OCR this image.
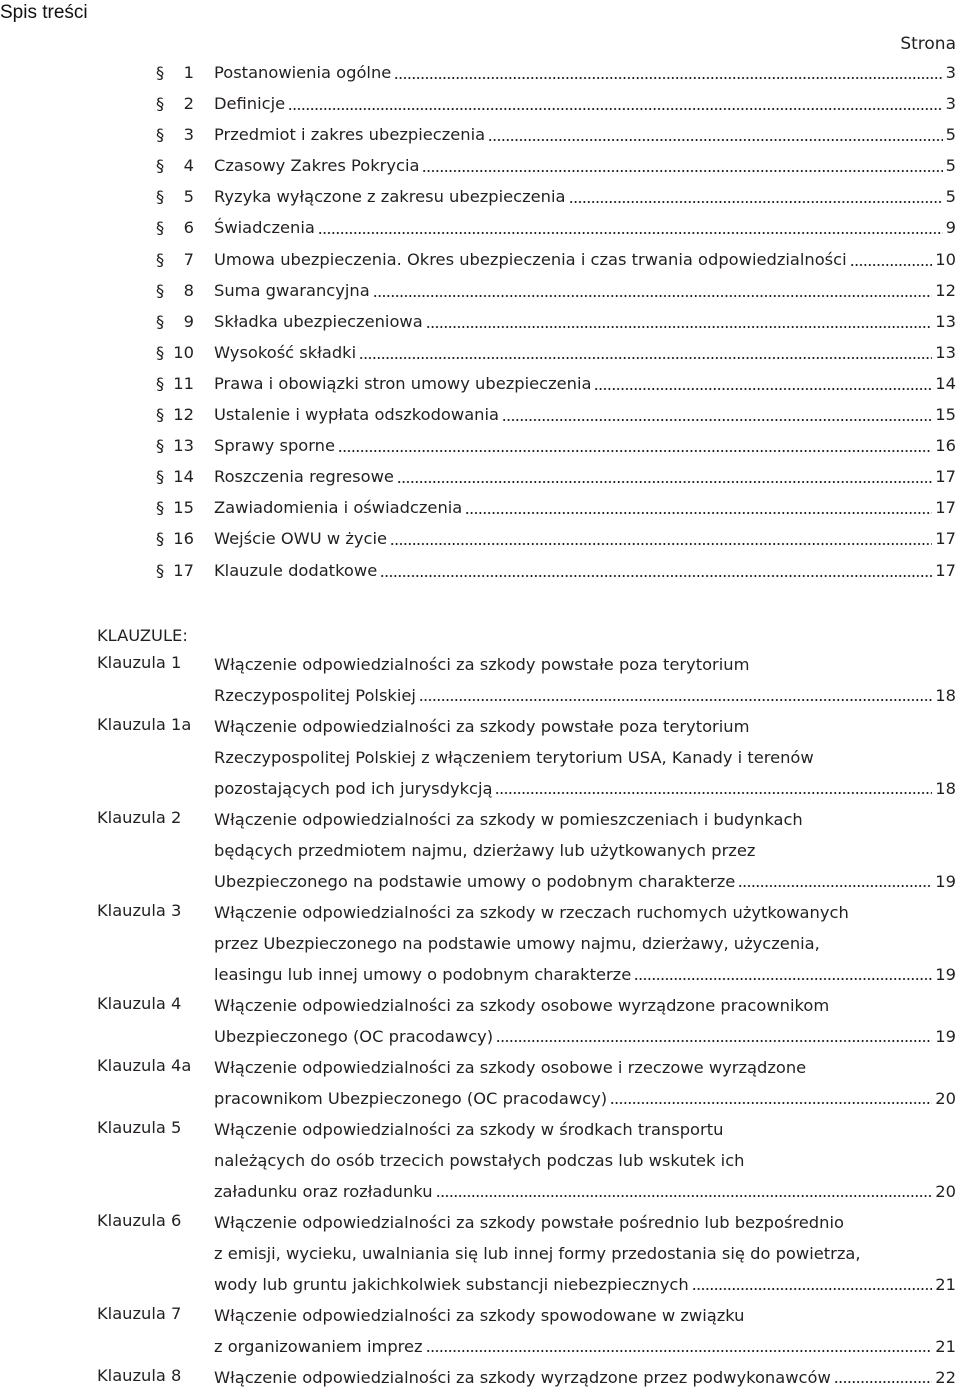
Spis treści
Strona
§ 1 Postanowienia ogólne	3
§ 2 Definicje	3
§ 3 Przedmiot i zakres ubezpieczenia	5
§ 4 Czasowy Zakres Pokrycia	5
§ 5 Ryzyka wyłączone z zakresu ubezpieczenia	5
§ 6 Świadczenia	9
§ 7 Umowa ubezpieczenia. Okres ubezpieczenia i czas trwania odpowiedzialności	10
§ 8 Suma gwarancyjna	12
§ 9 Składka ubezpieczeniowa	13
§ 10 Wysokość składki	13
§ 11 Prawa i obowiązki stron umowy ubezpieczenia	14
§ 12 Ustalenie i wypłata odszkodowania	15
§ 13 Sprawy sporne	16
§ 14 Roszczenia regresowe	17
§ 15 Zawiadomienia i oświadczenia	17
§ 16 Wejście OWU w życie	17
§ 17 Klauzule dodatkowe	17
KLAUZULE:
Klauzula 1 Włączenie odpowiedzialności za szkody powstałe poza terytorium
Rzeczypospolitej Polskiej	18
Klauzula 1a Włączenie odpowiedzialności za szkody powstałe poza terytorium
Rzeczypospolitej Polskiej z włączeniem terytorium USA, Kanady i terenów
pozostających pod ich jurysdykcją	18
Klauzula 2 Włączenie odpowiedzialności za szkody w pomieszczeniach i budynkach
będących przedmiotem najmu, dzierżawy lub użytkowanych przez
Ubezpieczonego na podstawie umowy o podobnym charakterze	19
Klauzula 3 Włączenie odpowiedzialności za szkody w rzeczach ruchomych użytkowanych
przez Ubezpieczonego na podstawie umowy najmu, dzierżawy, użyczenia,
leasingu lub innej umowy o podobnym charakterze	19
Klauzula 4 Włączenie odpowiedzialności za szkody osobowe wyrządzone pracownikom
Ubezpieczonego (OC pracodawcy)	19
Klauzula 4a Włączenie odpowiedzialności za szkody osobowe i rzeczowe wyrządzone
pracownikom Ubezpieczonego (OC pracodawcy)	20
Klauzula 5 Włączenie odpowiedzialności za szkody w środkach transportu
należących do osób trzecich powstałych podczas lub wskutek ich
załadunku oraz rozładunku	20
Klauzula 6 Włączenie odpowiedzialności za szkody powstałe pośrednio lub bezpośrednio
z emisji, wycieku, uwalniania się lub innej formy przedostania się do powietrza,
wody lub gruntu jakichkolwiek substancji niebezpiecznych	21
Klauzula 7 Włączenie odpowiedzialności za szkody spowodowane w związku
z organizowaniem imprez	21
Klauzula 8 Włączenie odpowiedzialności za szkody wyrządzone przez podwykonawców	22
